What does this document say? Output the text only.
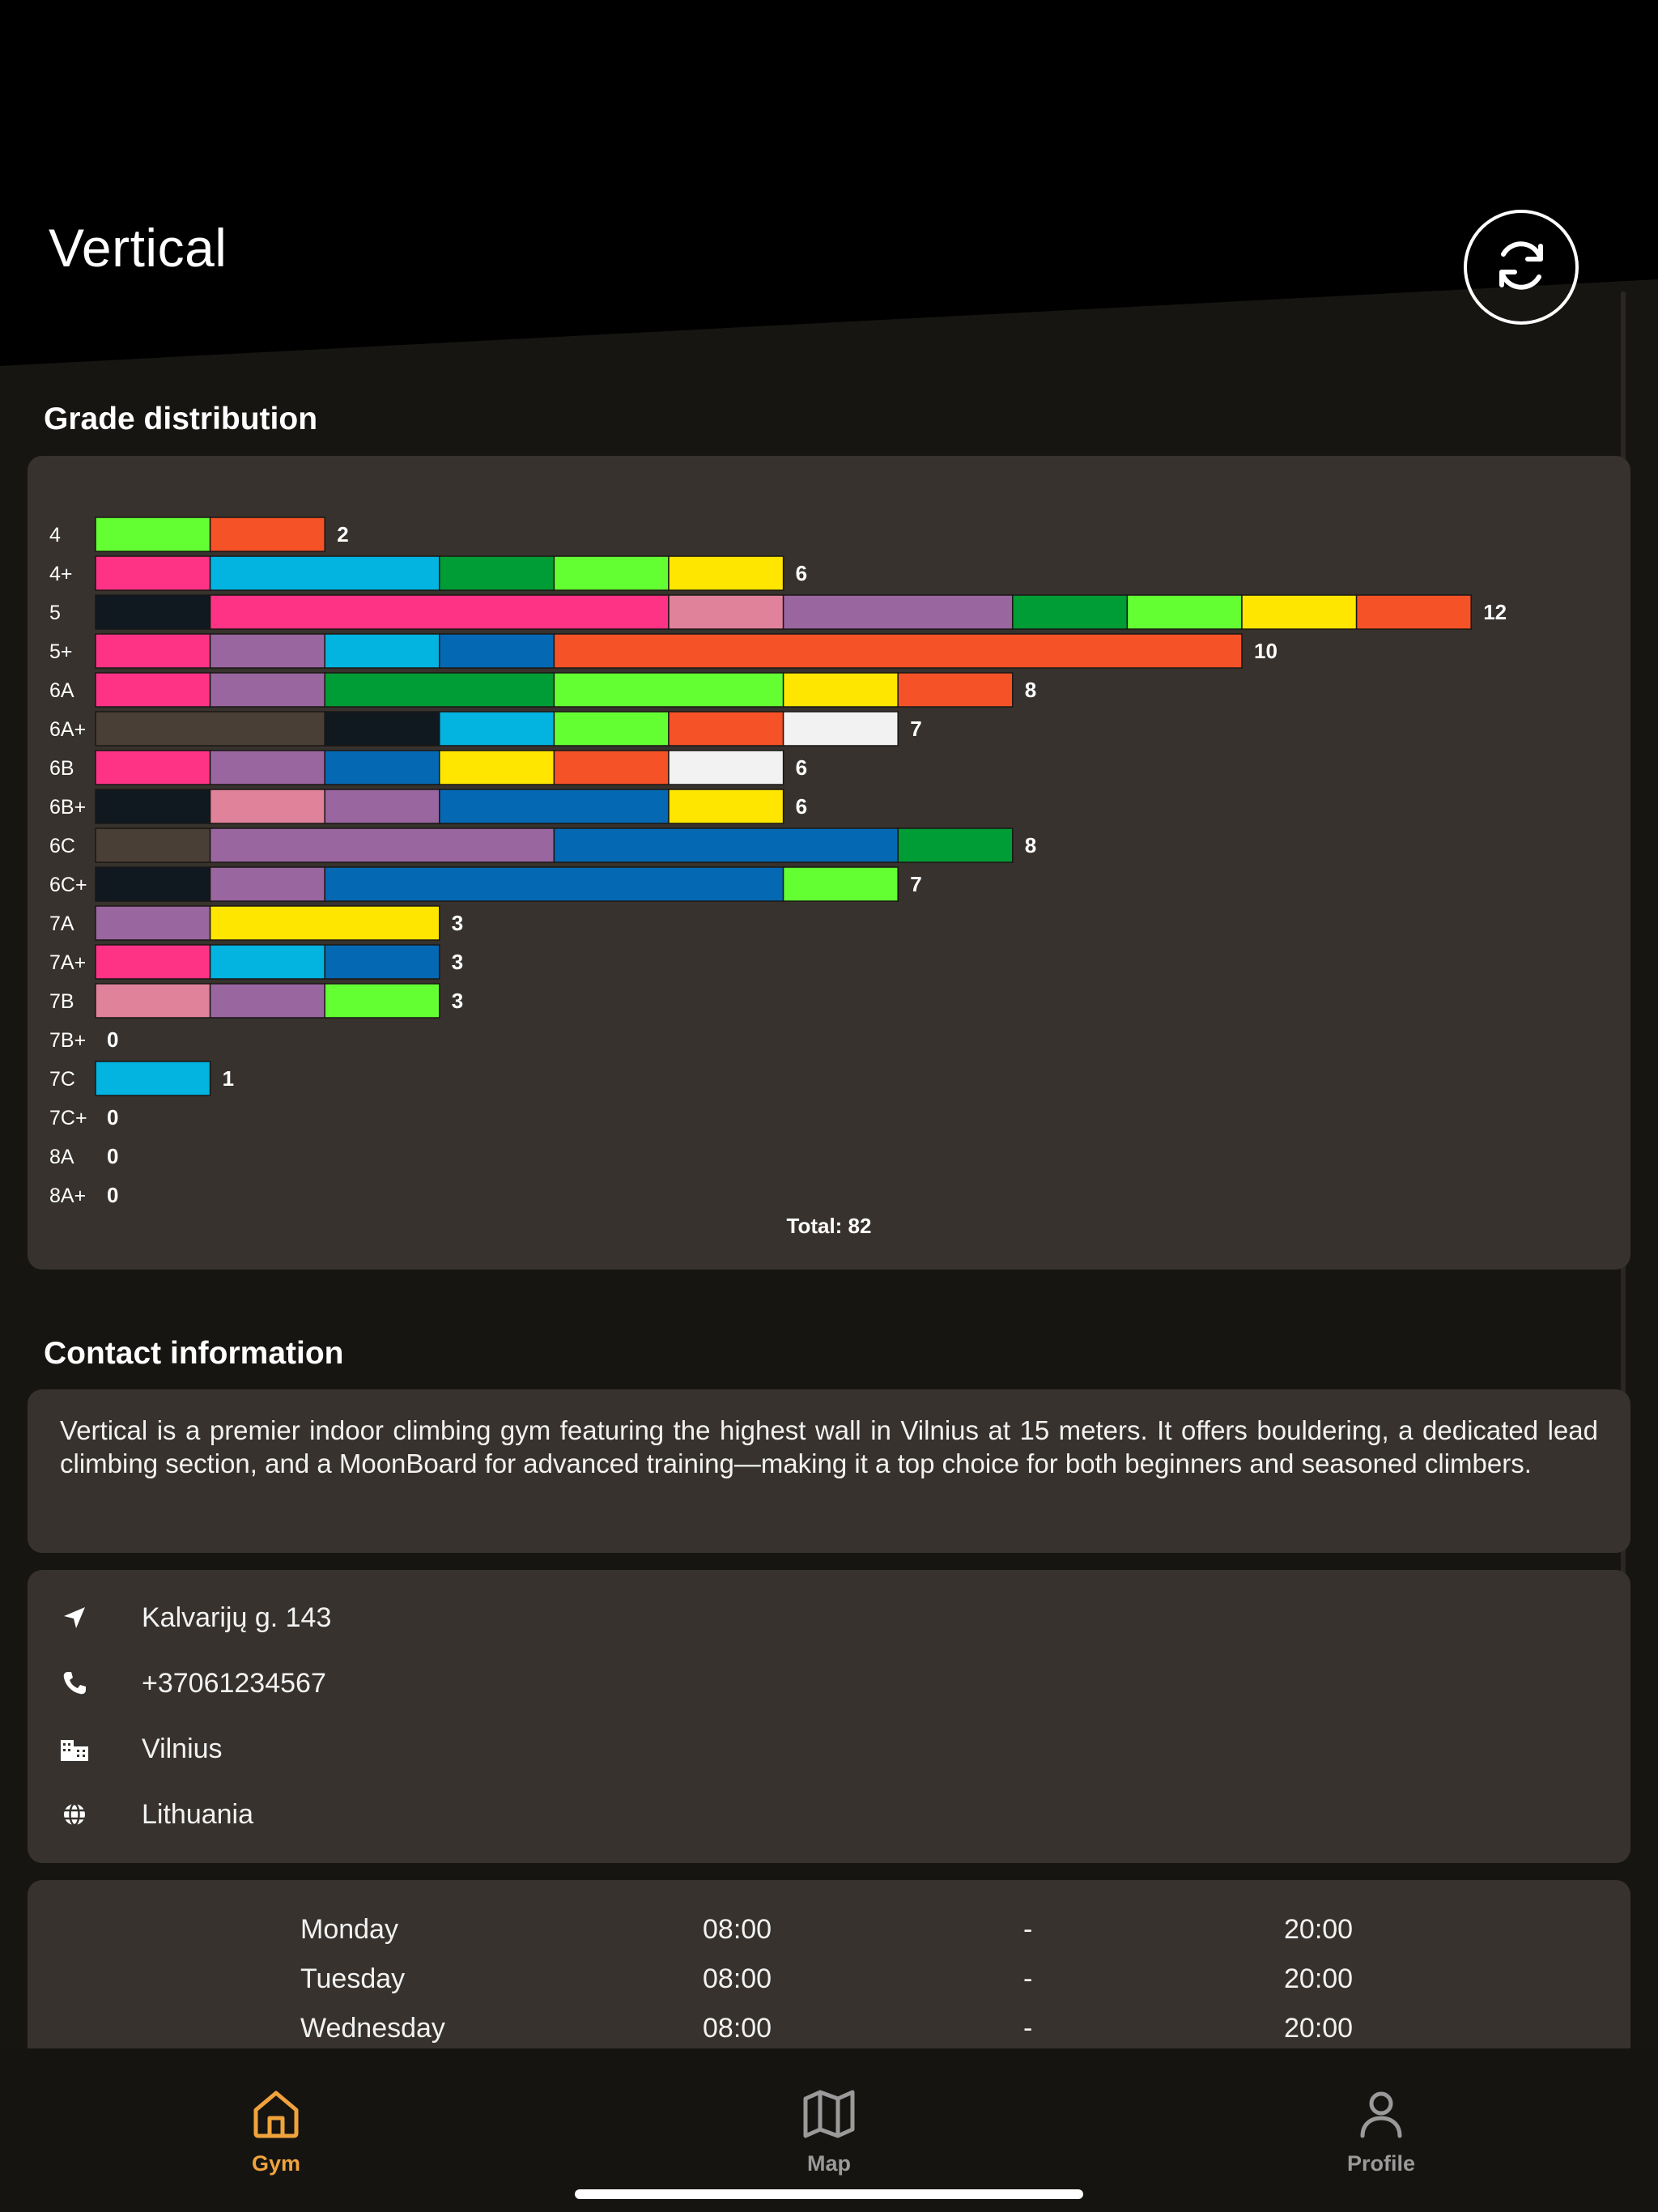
Vertical
Grade distribution
4	2
4+	6
5	12
5+	10
6A	8
6A+	7
6B	6
6B+	6
6C	8
6C+	7
7A	3
7A+	3
7B	3
7B+ 0
7C	1
7C+ 0
8A 0
8A+ 0
Total: 82
Contact information
Vertical is a premier indoor climbing gym featuring the highest wall in Vilnius at 15 meters. It offers bouldering, a dedicated lead climbing section, and a MoonBoard for advanced training—making it a top choice for both beginners and seasoned climbers.
Kalvarijų g. 143
+37061234567
Vilnius
Lithuania
Monday	08:00	-	20:00
Tuesday	08:00	-	20:00
Wednesday	08:00	-	20:00
Gym	Map	Profile
